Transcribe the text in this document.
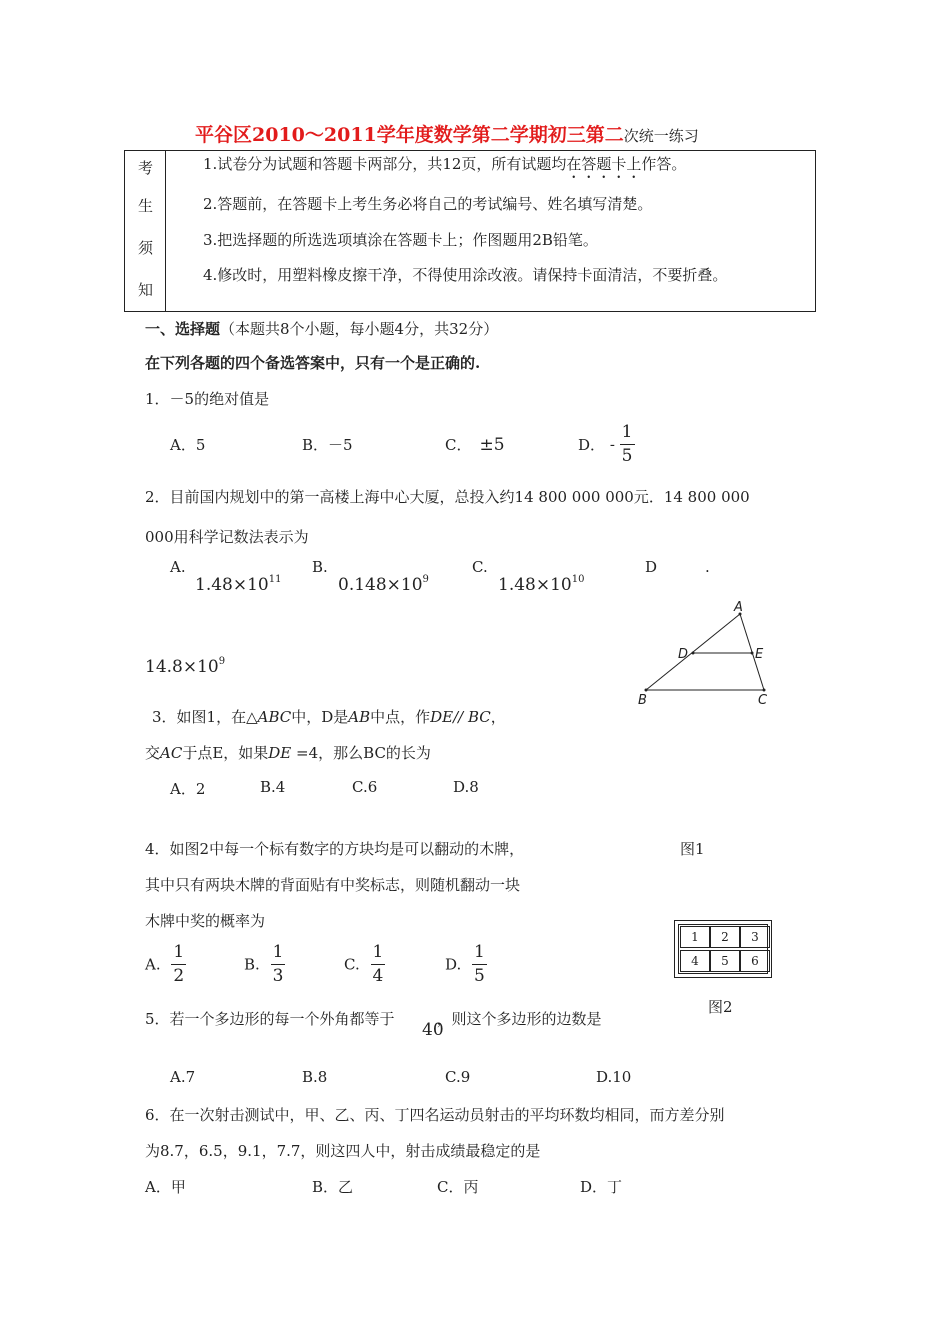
平谷区2010～2011学年度数学第二学期初三第二次统一练习
考
生
须
知
1.试卷分为试题和答题卡两部分，共12页，所有试题均在答题卡上作答。
2.答题前，在答题卡上考生务必将自己的考试编号、姓名填写清楚。
3.把选择题的所选选项填涂在答题卡上；作图题用2B铅笔。
4.修改时，用塑料橡皮擦干净，不得使用涂改液。请保持卡面清洁，不要折叠。
一、选择题（本题共8个小题，每小题4分，共32分）
在下列各题的四个备选答案中，只有一个是正确的.
1．－5的绝对值是
A．5	B．－5	C． ±5	D． - $\frac{1}{5}$
2．目前国内规划中的第一高楼上海中心大厦，总投入约14 800 000 000元．14 800 000
000用科学记数法表示为
A.
$1.48\times 10^{11}$
B.
$0.148\times 10^9$
C.
$1.48\times 10^{10}$
D	.
$14.8\times 10^9$
A
D	E
B	C
3．如图1，在△ABC中，D是AB中点，作DE// BC，
交AC于点E，如果DE =4，那么BC的长为
A．2	B.4	C.6	D.8
图1
4．如图2中每一个标有数字的方块均是可以翻动的木牌，
其中只有两块木牌的背面贴有中奖标志，则随机翻动一块
木牌中奖的概率为
A. $\frac{1}{2}$	B. $\frac{1}{3}$	C. $\frac{1}{4}$	D. $\frac{1}{5}$
1	2	3
4	5	6
图2
5．若一个多边形的每一个外角都等于	，则这个多边形的边数是
40
A.7	B.8	C.9	D.10
6．在一次射击测试中，甲、乙、丙、丁四名运动员射击的平均环数均相同，而方差分别
为8.7，6.5，9.1，7.7，则这四人中，射击成绩最稳定的是
A．甲	B．乙	C．丙	D．丁
